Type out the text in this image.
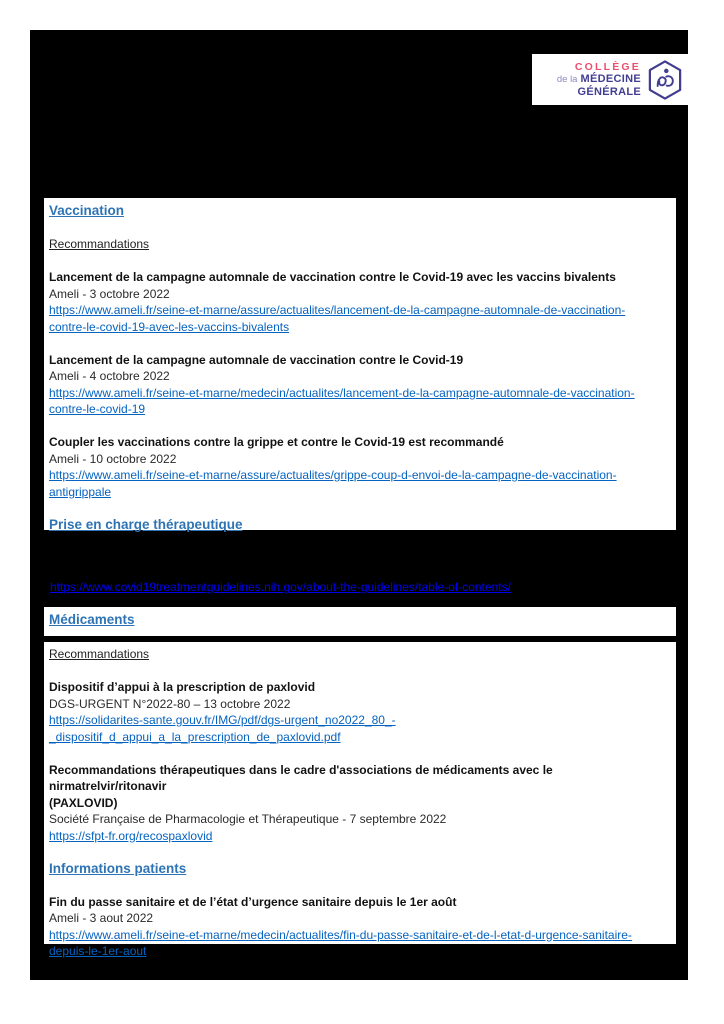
COLLÈGE
de la MÉDECINE
GÉNÉRALE
Vaccination
Recommandations
Lancement de la campagne automnale de vaccination contre le Covid-19 avec les vaccins bivalents
Ameli - 3 octobre 2022
https://www.ameli.fr/seine-et-marne/assure/actualites/lancement-de-la-campagne-automnale-de-vaccination-
contre-le-covid-19-avec-les-vaccins-bivalents
Lancement de la campagne automnale de vaccination contre le Covid-19
Ameli - 4 octobre 2022
https://www.ameli.fr/seine-et-marne/medecin/actualites/lancement-de-la-campagne-automnale-de-vaccination-
contre-le-covid-19
Coupler les vaccinations contre la grippe et contre le Covid-19 est recommandé
Ameli - 10 octobre 2022
https://www.ameli.fr/seine-et-marne/assure/actualites/grippe-coup-d-envoi-de-la-campagne-de-vaccination-
antigrippale
Prise en charge thérapeutique
https://www.covid19treatmentguidelines.nih.gov/about-the-guidelines/table-of-contents/
Médicaments
Recommandations
Dispositif d’appui à la prescription de paxlovid
DGS-URGENT N°2022-80 – 13 octobre 2022
https://solidarites-sante.gouv.fr/IMG/pdf/dgs-urgent_no2022_80_-
_dispositif_d_appui_a_la_prescription_de_paxlovid.pdf
Recommandations thérapeutiques dans le cadre d'associations de médicaments avec le nirmatrelvir/ritonavir
(PAXLOVID)
Société Française de Pharmacologie et Thérapeutique - 7 septembre 2022
https://sfpt-fr.org/recospaxlovid
Informations patients
Fin du passe sanitaire et de l’état d’urgence sanitaire depuis le 1er août
Ameli - 3 aout 2022
https://www.ameli.fr/seine-et-marne/medecin/actualites/fin-du-passe-sanitaire-et-de-l-etat-d-urgence-sanitaire-
depuis-le-1er-aout
